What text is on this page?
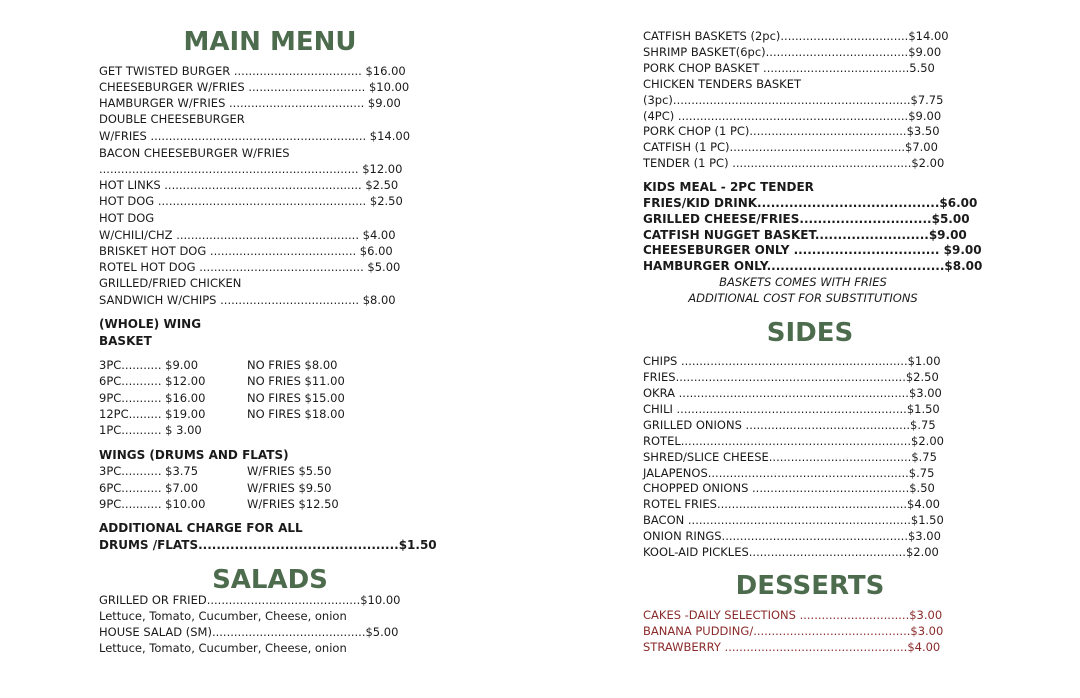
MAIN MENU
GET TWISTED BURGER ................................... $16.00
CHEESEBURGER W/FRIES ................................ $10.00
HAMBURGER W/FRIES ..................................... $9.00
DOUBLE CHEESEBURGER
W/FRIES ........................................................... $14.00
BACON CHEESEBURGER W/FRIES
....................................................................... $12.00
HOT LINKS ...................................................... $2.50
HOT DOG ......................................................... $2.50
HOT DOG
W/CHILI/CHZ .................................................. $4.00
BRISKET HOT DOG ........................................ $6.00
ROTEL HOT DOG ............................................. $5.00
GRILLED/FRIED CHICKEN
SANDWICH W/CHIPS ...................................... $8.00
(WHOLE) WING
BASKET
3PC........... $9.00	NO FRIES $8.00
6PC........... $12.00	NO FRIES $11.00
9PC........... $16.00	NO FIRES $15.00
12PC......... $19.00	NO FIRES $18.00
1PC........... $ 3.00
WINGS (DRUMS AND FLATS)
3PC........... $3.75	W/FRIES $5.50
6PC........... $7.00	W/FRIES $9.50
9PC........... $10.00	W/FRIES $12.50
ADDITIONAL CHARGE FOR ALL
DRUMS /FLATS............................................$1.50
SALADS
GRILLED OR FRIED..........................................$10.00
Lettuce, Tomato, Cucumber, Cheese, onion
HOUSE SALAD (SM)..........................................$5.00
Lettuce, Tomato, Cucumber, Cheese, onion
CATFISH BASKETS (2pc)...................................$14.00
SHRIMP BASKET(6pc).......................................$9.00
PORK CHOP BASKET ........................................5.50
CHICKEN TENDERS BASKET
(3pc).................................................................$7.75
(4PC) ...............................................................$9.00
PORK CHOP (1 PC)...........................................$3.50
CATFISH (1 PC)................................................$7.00
TENDER (1 PC) .................................................$2.00
KIDS MEAL - 2PC TENDER
FRIES/KID DRINK........................................$6.00
GRILLED CHEESE/FRIES.............................$5.00
CATFISH NUGGET BASKET.........................$9.00
CHEESEBURGER ONLY ................................ $9.00
HAMBURGER ONLY.......................................$8.00
BASKETS COMES WITH FRIES
ADDITIONAL COST FOR SUBSTITUTIONS
SIDES
CHIPS ..............................................................$1.00
FRIES...............................................................$2.50
OKRA ...............................................................$3.00
CHILI ...............................................................$1.50
GRILLED ONIONS .............................................$.75
ROTEL...............................................................$2.00
SHRED/SLICE CHEESE.......................................$.75
JALAPENOS.......................................................$.75
CHOPPED ONIONS ...........................................$.50
ROTEL FRIES....................................................$4.00
BACON .............................................................$1.50
ONION RINGS...................................................$3.00
KOOL-AID PICKLES...........................................$2.00
DESSERTS
CAKES -DAILY SELECTIONS ..............................$3.00
BANANA PUDDING/...........................................$3.00
STRAWBERRY ..................................................$4.00
